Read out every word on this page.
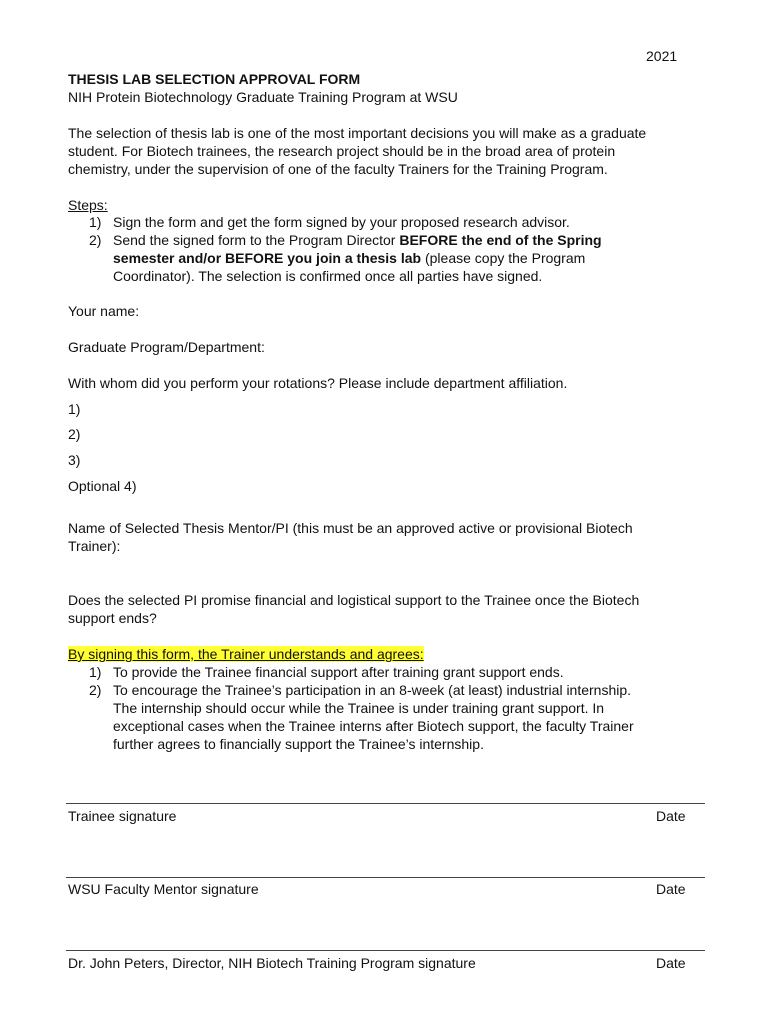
2021
THESIS LAB SELECTION APPROVAL FORM
NIH Protein Biotechnology Graduate Training Program at WSU
The selection of thesis lab is one of the most important decisions you will make as a graduate
student. For Biotech trainees, the research project should be in the broad area of protein
chemistry, under the supervision of one of the faculty Trainers for the Training Program.
Steps:
1) Sign the form and get the form signed by your proposed research advisor.
2) Send the signed form to the Program Director BEFORE the end of the Spring
semester and/or BEFORE you join a thesis lab (please copy the Program
Coordinator). The selection is confirmed once all parties have signed.
Your name:
Graduate Program/Department:
With whom did you perform your rotations? Please include department affiliation.
1)
2)
3)
Optional 4)
Name of Selected Thesis Mentor/PI (this must be an approved active or provisional Biotech
Trainer):
Does the selected PI promise financial and logistical support to the Trainee once the Biotech
support ends?
By signing this form, the Trainer understands and agrees:
1) To provide the Trainee financial support after training grant support ends.
2) To encourage the Trainee’s participation in an 8-week (at least) industrial internship.
The internship should occur while the Trainee is under training grant support. In
exceptional cases when the Trainee interns after Biotech support, the faculty Trainer
further agrees to financially support the Trainee’s internship.
Trainee signature	Date
WSU Faculty Mentor signature	Date
Dr. John Peters, Director, NIH Biotech Training Program signature	Date
